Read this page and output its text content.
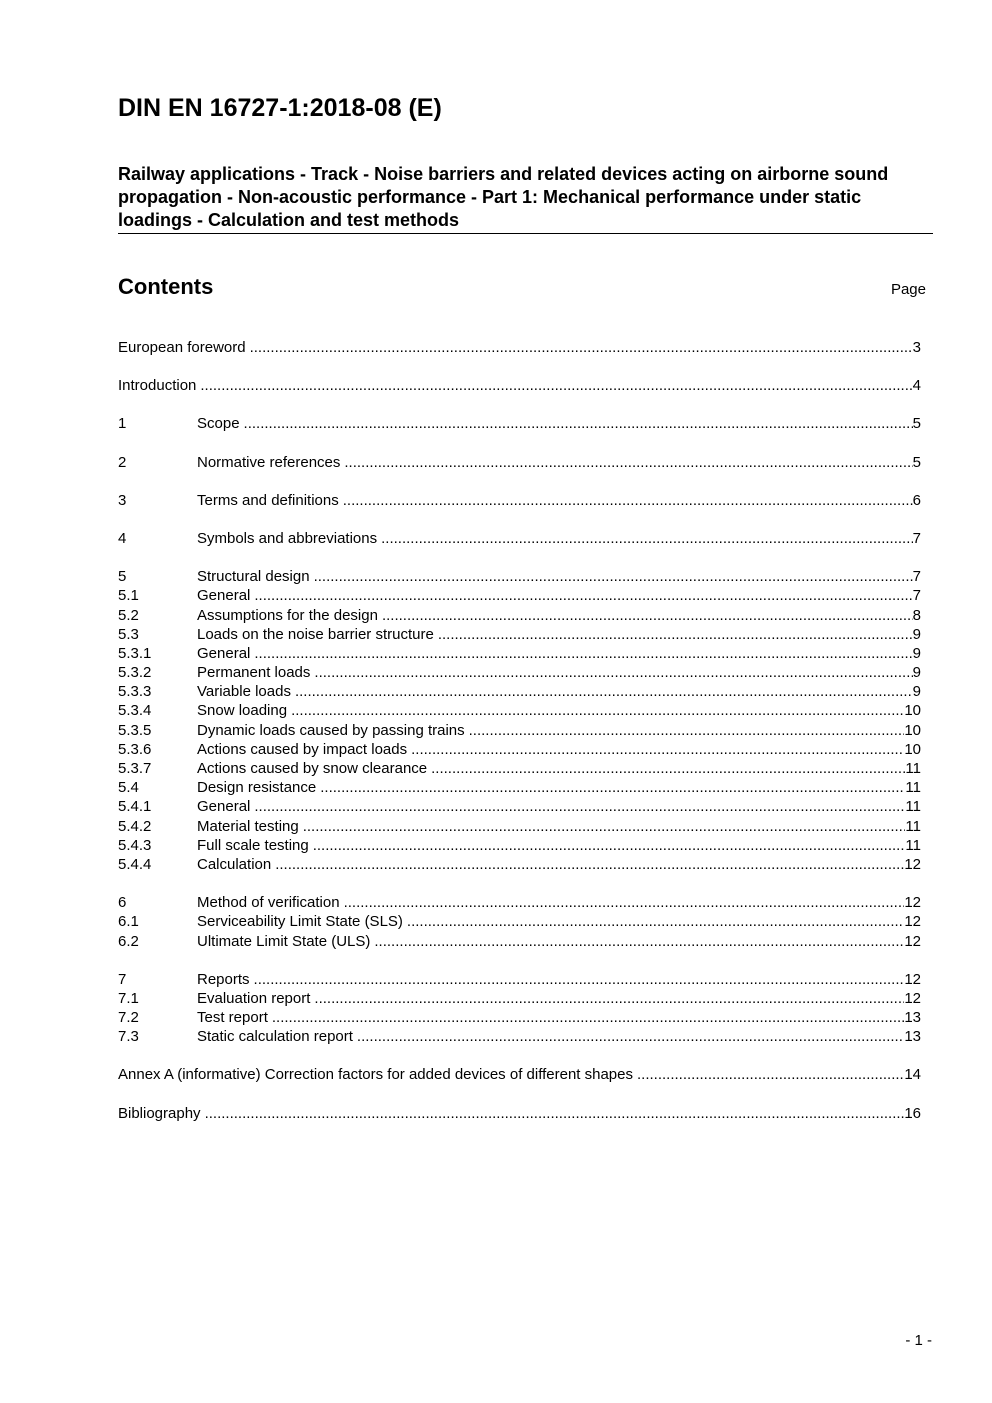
DIN EN 16727-1:2018-08 (E)
Railway applications - Track - Noise barriers and related devices acting on airborne sound propagation - Non-acoustic performance - Part 1: Mechanical performance under static loadings - Calculation and test methods
Contents	Page
European foreword .....	3
Introduction .....	4
1	Scope .....	5
2	Normative references .....	5
3	Terms and definitions .....	6
4	Symbols and abbreviations .....	7
5	Structural design .....	7
5.1	General .....	7
5.2	Assumptions for the design .....	8
5.3	Loads on the noise barrier structure .....	9
5.3.1	General .....	9
5.3.2	Permanent loads .....	9
5.3.3	Variable loads .....	9
5.3.4	Snow loading .....	10
5.3.5	Dynamic loads caused by passing trains .....	10
5.3.6	Actions caused by impact loads .....	10
5.3.7	Actions caused by snow clearance .....	11
5.4	Design resistance .....	11
5.4.1	General .....	11
5.4.2	Material testing .....	11
5.4.3	Full scale testing .....	11
5.4.4	Calculation .....	12
6	Method of verification .....	12
6.1	Serviceability Limit State (SLS) .....	12
6.2	Ultimate Limit State (ULS) .....	12
7	Reports .....	12
7.1	Evaluation report .....	12
7.2	Test report .....	13
7.3	Static calculation report .....	13
Annex A (informative) Correction factors for added devices of different shapes .....	14
Bibliography .....	16
- 1 -
